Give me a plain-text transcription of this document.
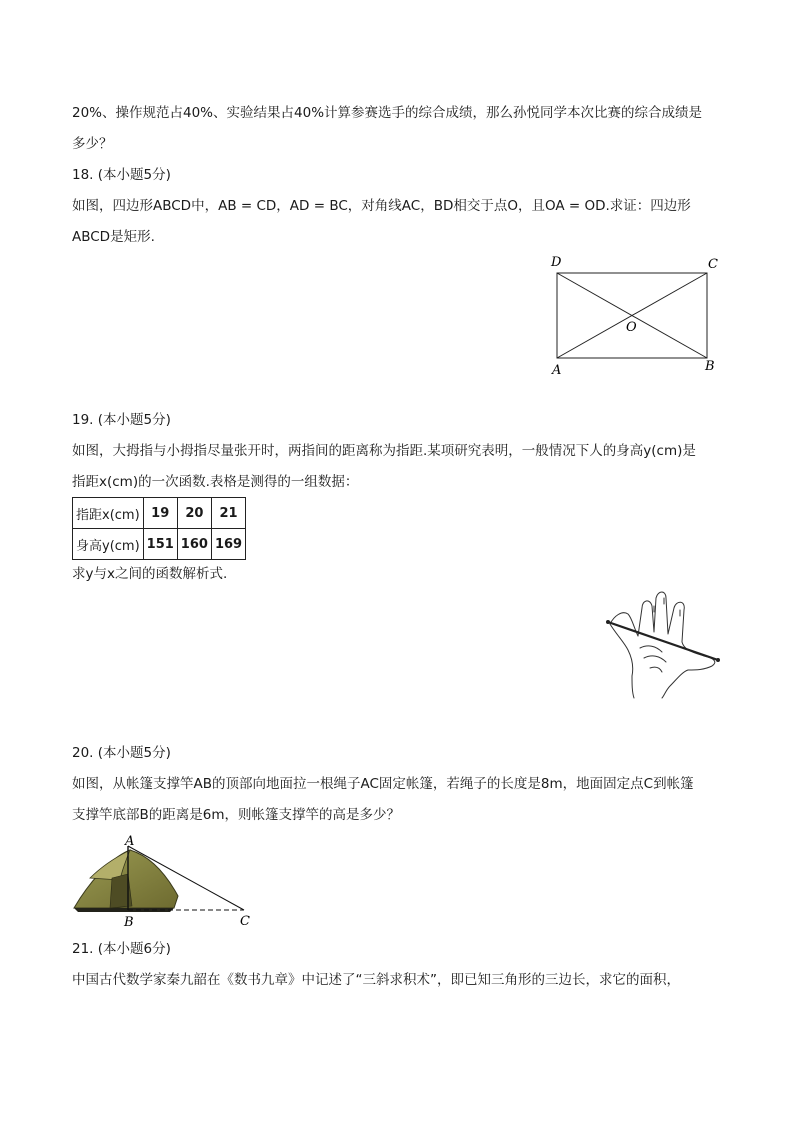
20%、操作规范占40%、实验结果占40%计算参赛选手的综合成绩，那么孙悦同学本次比赛的综合成绩是
多少？
18. (本小题5分)
如图，四边形ABCD中，AB = CD，AD = BC，对角线AC，BD相交于点O，且OA = OD.求证：四边形
ABCD是矩形.
D	C
O
A	B
19. (本小题5分)
如图，大拇指与小拇指尽量张开时，两指间的距离称为指距.某项研究表明，一般情况下人的身高y(cm)是
指距x(cm)的一次函数.表格是测得的一组数据：
指距x(cm)	19	20	21
身高y(cm)	151	160	169
求y与x之间的函数解析式.
20. (本小题5分)
如图，从帐篷支撑竿AB的顶部向地面拉一根绳子AC固定帐篷，若绳子的长度是8m，地面固定点C到帐篷
支撑竿底部B的距离是6m，则帐篷支撑竿的高是多少？
A
B	C
21. (本小题6分)
中国古代数学家秦九韶在《数书九章》中记述了“三斜求积术”，即已知三角形的三边长，求它的面积，
